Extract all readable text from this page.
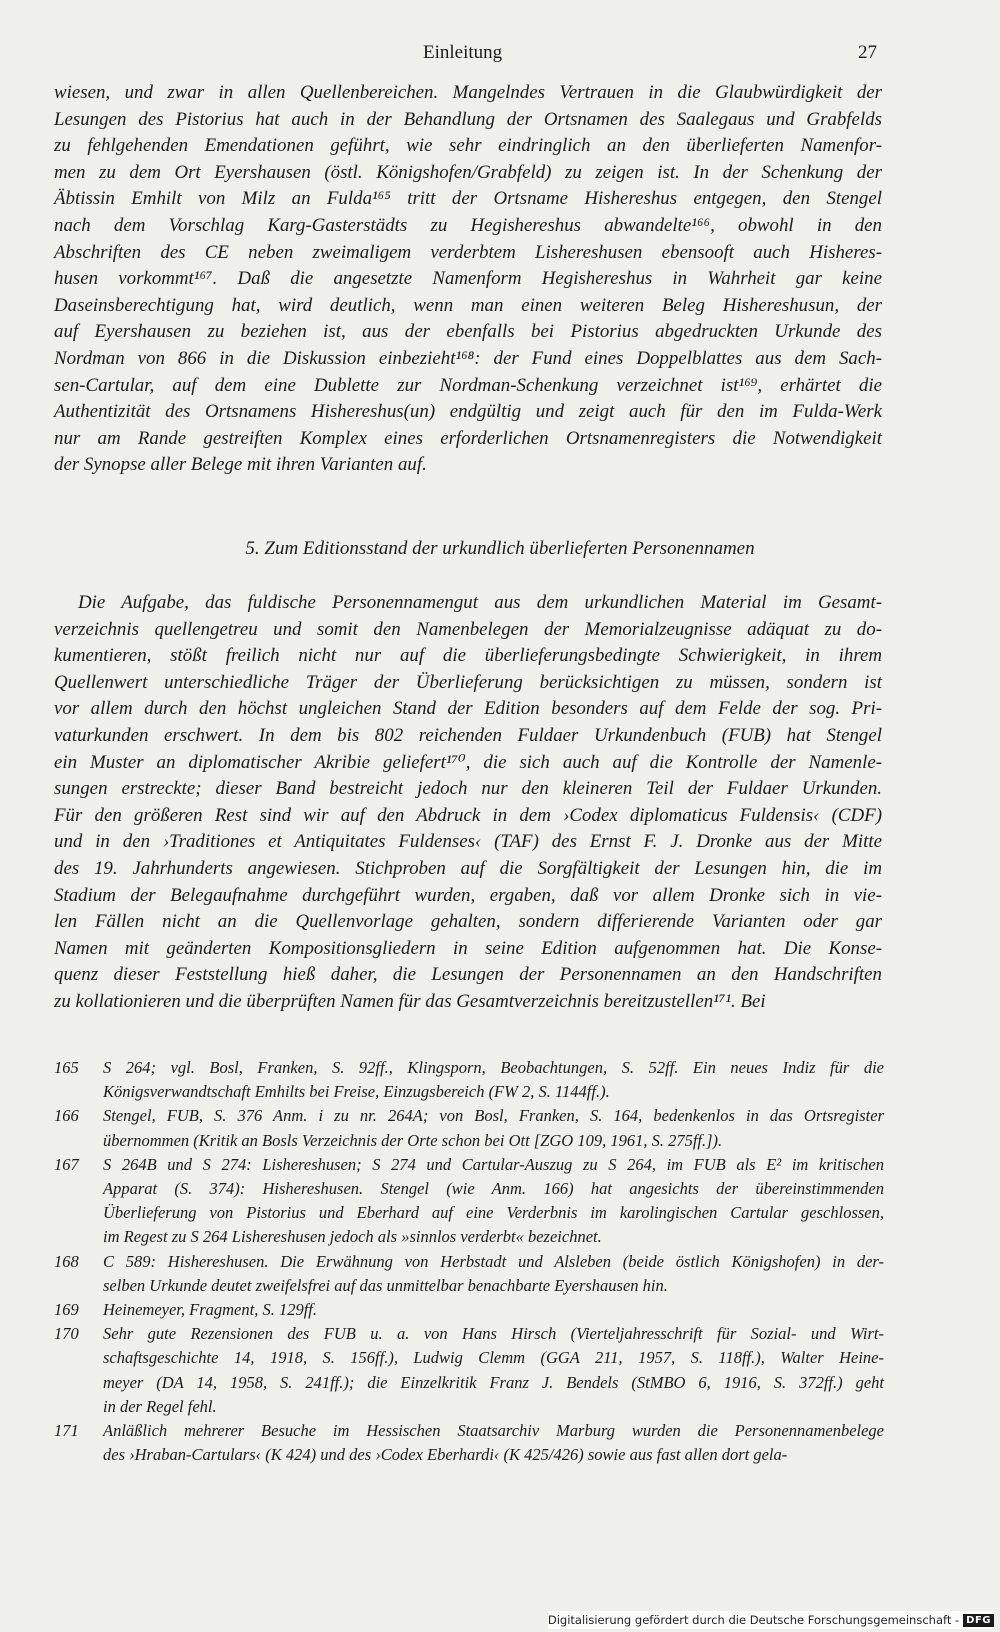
Einleitung	27
wiesen, und zwar in allen Quellenbereichen. Mangelndes Vertrauen in die Glaubwürdigkeit der
Lesungen des Pistorius hat auch in der Behandlung der Ortsnamen des Saalegaus und Grabfelds
zu fehlgehenden Emendationen geführt, wie sehr eindringlich an den überlieferten Namenfor-
men zu dem Ort Eyershausen (östl. Königshofen/Grabfeld) zu zeigen ist. In der Schenkung der
Äbtissin Emhilt von Milz an Fulda¹⁶⁵ tritt der Ortsname Hishereshus entgegen, den Stengel
nach dem Vorschlag Karg-Gasterstädts zu Hegishereshus abwandelte¹⁶⁶, obwohl in den
Abschriften des CE neben zweimaligem verderbtem Lishereshusen ebensooft auch Hisheres-
husen vorkommt¹⁶⁷. Daß die angesetzte Namenform Hegishereshus in Wahrheit gar keine
Daseinsberechtigung hat, wird deutlich, wenn man einen weiteren Beleg Hishereshusun, der
auf Eyershausen zu beziehen ist, aus der ebenfalls bei Pistorius abgedruckten Urkunde des
Nordman von 866 in die Diskussion einbezieht¹⁶⁸: der Fund eines Doppelblattes aus dem Sach-
sen-Cartular, auf dem eine Dublette zur Nordman-Schenkung verzeichnet ist¹⁶⁹, erhärtet die
Authentizität des Ortsnamens Hishereshus(un) endgültig und zeigt auch für den im Fulda-Werk
nur am Rande gestreiften Komplex eines erforderlichen Ortsnamenregisters die Notwendigkeit
der Synopse aller Belege mit ihren Varianten auf.
5. Zum Editionsstand der urkundlich überlieferten Personennamen
Die Aufgabe, das fuldische Personennamengut aus dem urkundlichen Material im Gesamt-
verzeichnis quellengetreu und somit den Namenbelegen der Memorialzeugnisse adäquat zu do-
kumentieren, stößt freilich nicht nur auf die überlieferungsbedingte Schwierigkeit, in ihrem
Quellenwert unterschiedliche Träger der Überlieferung berücksichtigen zu müssen, sondern ist
vor allem durch den höchst ungleichen Stand der Edition besonders auf dem Felde der sog. Pri-
vaturkunden erschwert. In dem bis 802 reichenden Fuldaer Urkundenbuch (FUB) hat Stengel
ein Muster an diplomatischer Akribie geliefert¹⁷⁰, die sich auch auf die Kontrolle der Namenle-
sungen erstreckte; dieser Band bestreicht jedoch nur den kleineren Teil der Fuldaer Urkunden.
Für den größeren Rest sind wir auf den Abdruck in dem ›Codex diplomaticus Fuldensis‹ (CDF)
und in den ›Traditiones et Antiquitates Fuldenses‹ (TAF) des Ernst F. J. Dronke aus der Mitte
des 19. Jahrhunderts angewiesen. Stichproben auf die Sorgfältigkeit der Lesungen hin, die im
Stadium der Belegaufnahme durchgeführt wurden, ergaben, daß vor allem Dronke sich in vie-
len Fällen nicht an die Quellenvorlage gehalten, sondern differierende Varianten oder gar
Namen mit geänderten Kompositionsgliedern in seine Edition aufgenommen hat. Die Konse-
quenz dieser Feststellung hieß daher, die Lesungen der Personennamen an den Handschriften
zu kollationieren und die überprüften Namen für das Gesamtverzeichnis bereitzustellen¹⁷¹. Bei
165	S 264; vgl. Bosl, Franken, S. 92ff., Klingsporn, Beobachtungen, S. 52ff. Ein neues Indiz für die
Königsverwandtschaft Emhilts bei Freise, Einzugsbereich (FW 2, S. 1144ff.).
166	Stengel, FUB, S. 376 Anm. i zu nr. 264A; von Bosl, Franken, S. 164, bedenkenlos in das Ortsregister
übernommen (Kritik an Bosls Verzeichnis der Orte schon bei Ott [ZGO 109, 1961, S. 275ff.]).
167	S 264B und S 274: Lishereshusen; S 274 und Cartular-Auszug zu S 264, im FUB als E² im kritischen
Apparat (S. 374): Hishereshusen. Stengel (wie Anm. 166) hat angesichts der übereinstimmenden
Überlieferung von Pistorius und Eberhard auf eine Verderbnis im karolingischen Cartular geschlossen,
im Regest zu S 264 Lishereshusen jedoch als »sinnlos verderbt« bezeichnet.
168	C 589: Hishereshusen. Die Erwähnung von Herbstadt und Alsleben (beide östlich Königshofen) in der-
selben Urkunde deutet zweifelsfrei auf das unmittelbar benachbarte Eyershausen hin.
169	Heinemeyer, Fragment, S. 129ff.
170	Sehr gute Rezensionen des FUB u. a. von Hans Hirsch (Vierteljahresschrift für Sozial- und Wirt-
schaftsgeschichte 14, 1918, S. 156ff.), Ludwig Clemm (GGA 211, 1957, S. 118ff.), Walter Heine-
meyer (DA 14, 1958, S. 241ff.); die Einzelkritik Franz J. Bendels (StMBO 6, 1916, S. 372ff.) geht
in der Regel fehl.
171	Anläßlich mehrerer Besuche im Hessischen Staatsarchiv Marburg wurden die Personennamenbelege
des ›Hraban-Cartulars‹ (K 424) und des ›Codex Eberhardi‹ (K 425/426) sowie aus fast allen dort gela-
Digitalisierung gefördert durch die Deutsche Forschungsgemeinschaft - DFG
